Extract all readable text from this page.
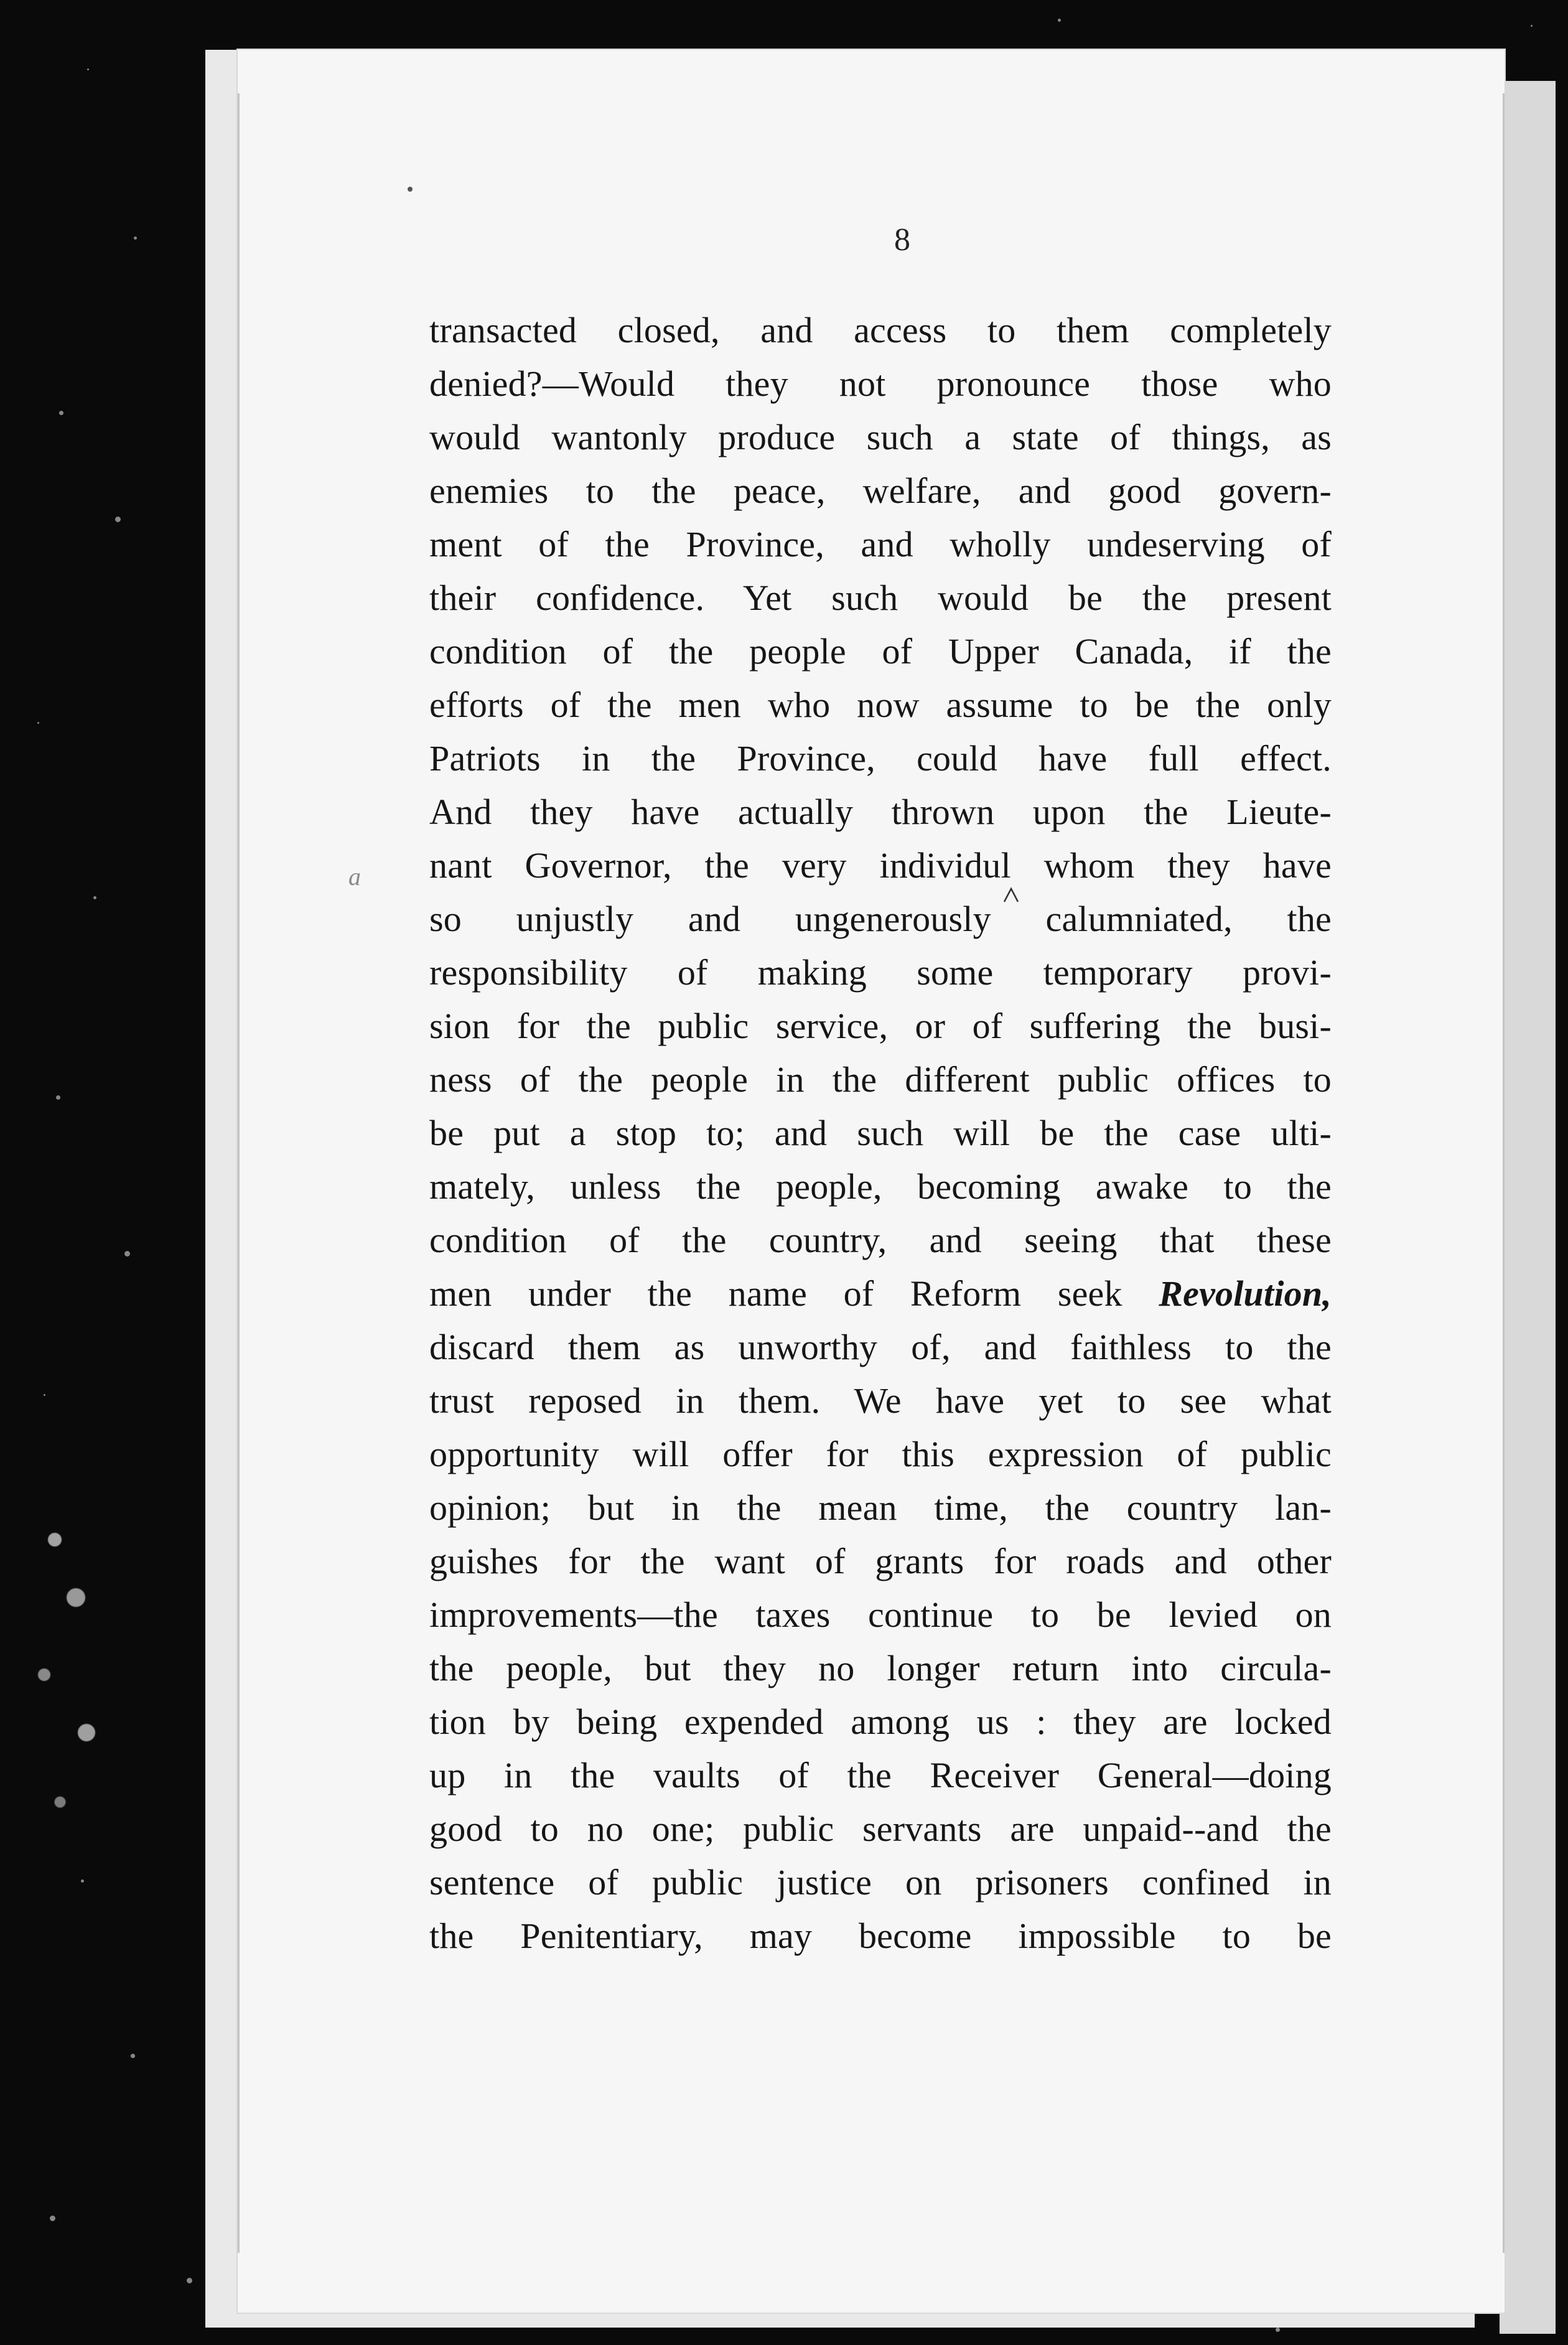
8
a
transacted closed, and access to them completely
denied?—Would they not pronounce those who
would wantonly produce such a state of things, as
enemies to the peace, welfare, and good govern-
ment of the Province, and wholly undeserving of
their confidence. Yet such would be the present
condition of the people of Upper Canada, if the
efforts of the men who now assume to be the only
Patriots in the Province, could have full effect.
And they have actually thrown upon the Lieute-
nant Governor, the very individul whom they have
so unjustly and ungenerously calumniated, the
responsibility of making some temporary provi-
sion for the public service, or of suffering the busi-
ness of the people in the different public offices to
be put a stop to; and such will be the case ulti-
mately, unless the people, becoming awake to the
condition of the country, and seeing that these
men under the name of Reform seek Revolution,
discard them as unworthy of, and faithless to the
trust reposed in them. We have yet to see what
opportunity will offer for this expression of public
opinion; but in the mean time, the country lan-
guishes for the want of grants for roads and other
improvements—the taxes continue to be levied on
the people, but they no longer return into circula-
tion by being expended among us : they are locked
up in the vaults of the Receiver General—doing
good to no one; public servants are unpaid--and the
sentence of public justice on prisoners confined in
the Penitentiary, may become impossible to be
